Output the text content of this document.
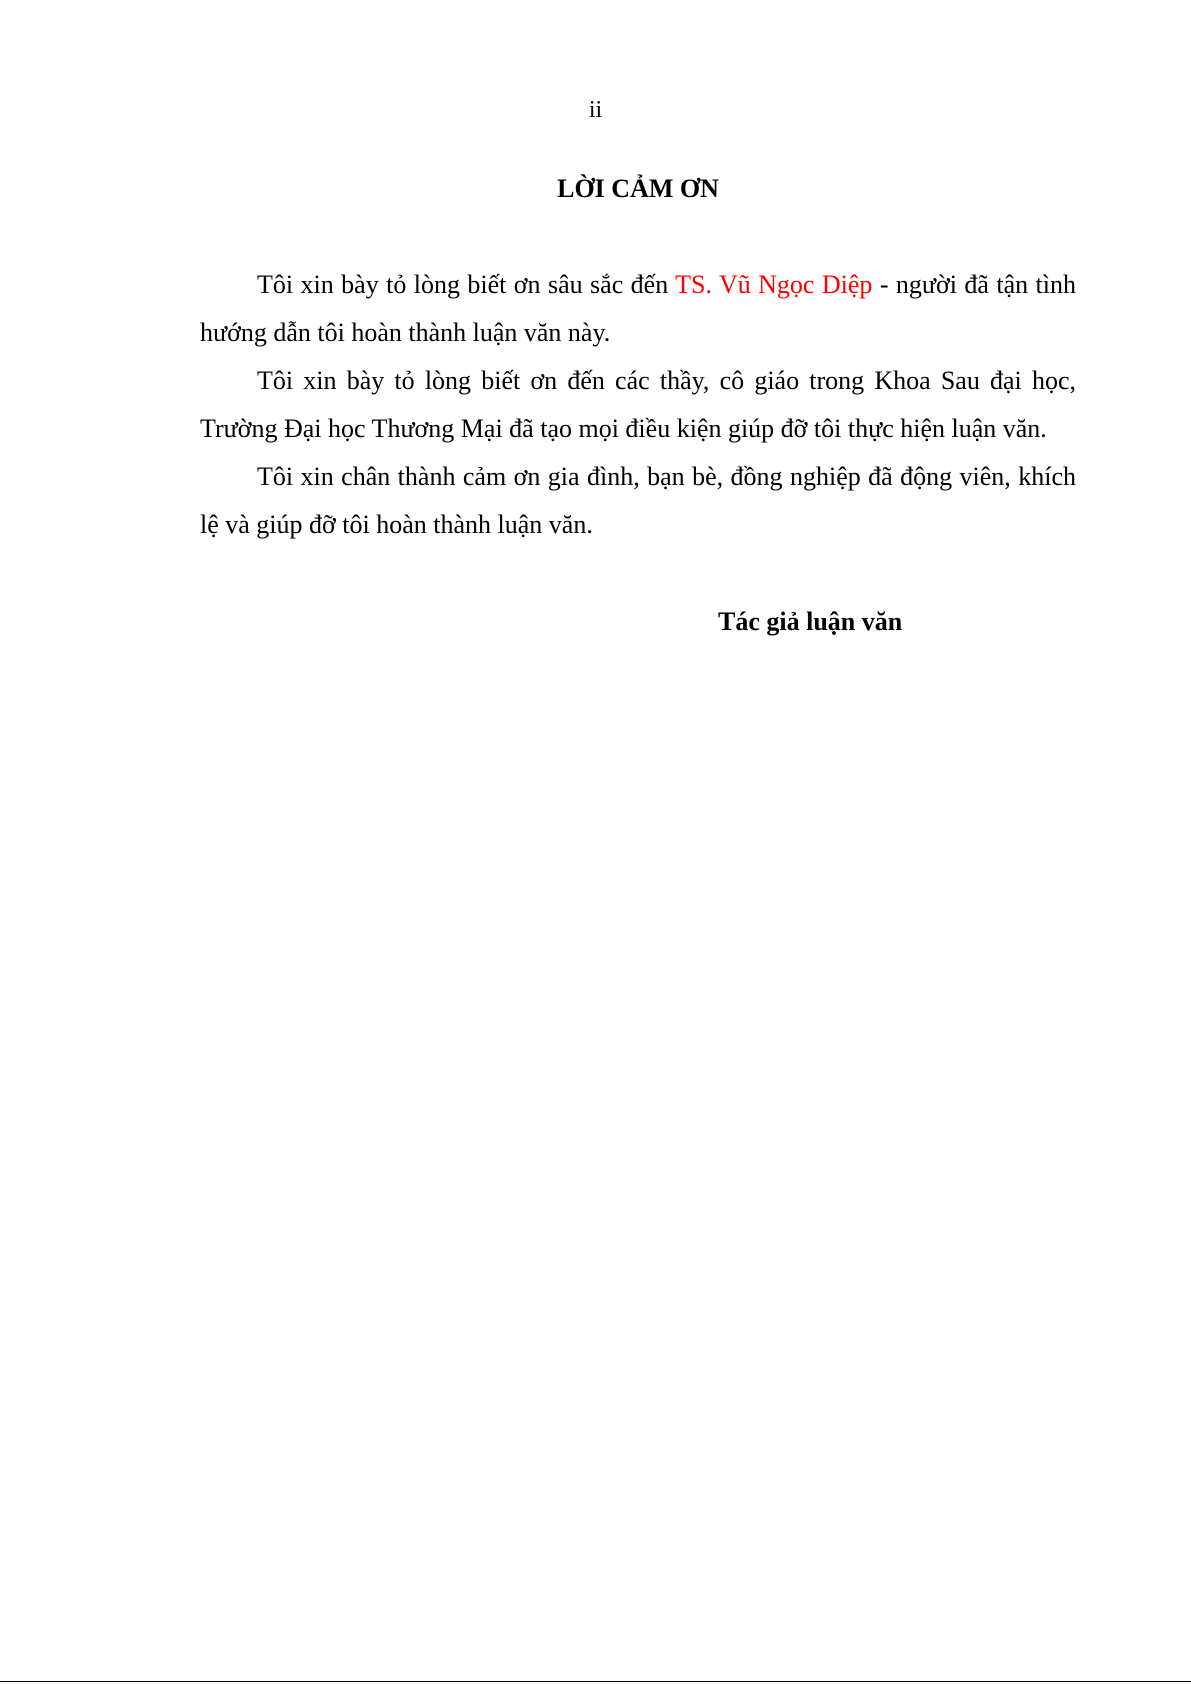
ii
LỜI CẢM ƠN

Tôi xin bày tỏ lòng biết ơn sâu sắc đến TS. Vũ Ngọc Diệp - người đã tận tình hướng dẫn tôi hoàn thành luận văn này.

Tôi xin bày tỏ lòng biết ơn đến các thầy, cô giáo trong Khoa Sau đại học, Trường Đại học Thương Mại đã tạo mọi điều kiện giúp đỡ tôi thực hiện luận văn.

Tôi xin chân thành cảm ơn gia đình, bạn bè, đồng nghiệp đã động viên, khích lệ và giúp đỡ tôi hoàn thành luận văn.

Tác giả luận văn
